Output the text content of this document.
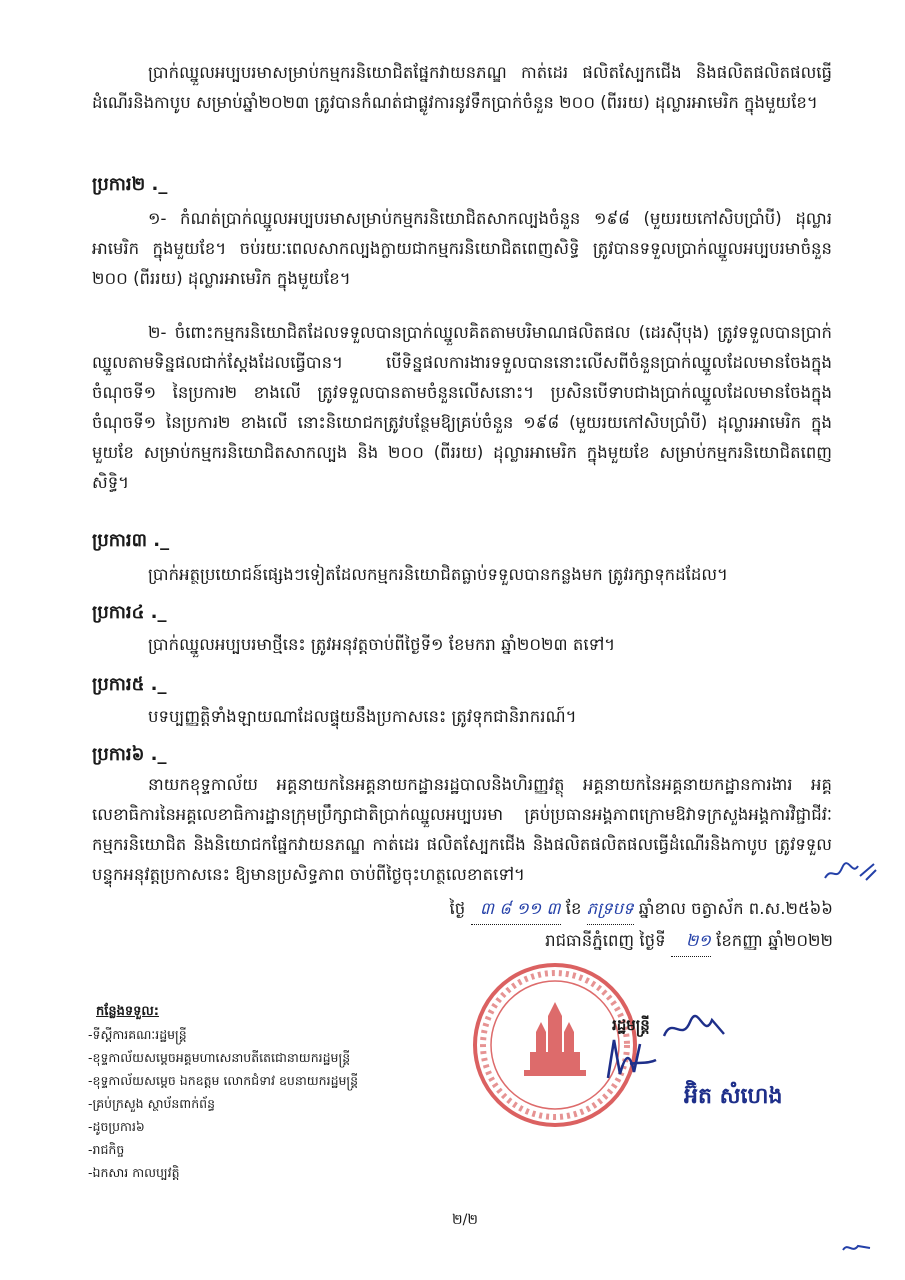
ប្រាក់ឈ្នួលអប្បបរមាសម្រាប់កម្មករនិយោជិតផ្នែកវាយនភណ្ឌ កាត់ដេរ ផលិតស្បែកជើង និងផលិតផលិតផលធ្វើដំណើរនិងកាបូប សម្រាប់ឆ្នាំ២០២៣ ត្រូវបានកំណត់ជាផ្លូវការនូវទឹកប្រាក់ចំនួន ២០០ (ពីររយ) ដុល្លារអាមេរិក ក្នុងមួយខែ។
ប្រការ២ ._
១- កំណត់ប្រាក់ឈ្នួលអប្បបរមាសម្រាប់កម្មករនិយោជិតសាកល្បងចំនួន ១៩៨ (មួយរយកៅសិបប្រាំបី) ដុល្លារអាមេរិក ក្នុងមួយខែ។ ចប់រយៈពេលសាកល្បងក្លាយជាកម្មករនិយោជិតពេញសិទ្ធិ ត្រូវបានទទួលប្រាក់ឈ្នួលអប្បបរមាចំនួន ២០០ (ពីររយ) ដុល្លារអាមេរិក ក្នុងមួយខែ។
២- ចំពោះកម្មករនិយោជិតដែលទទួលបានប្រាក់ឈ្នួលគិតតាមបរិមាណផលិតផល (ដេរស៊ីបុង) ត្រូវទទួលបានប្រាក់ឈ្នួលតាមទិន្នផលជាក់ស្តែងដែលធ្វើបាន។ បើទិន្នផលការងារទទួលបាននោះលើសពីចំនួនប្រាក់ឈ្នួលដែលមានចែងក្នុងចំណុចទី១ នៃប្រការ២ ខាងលើ ត្រូវទទួលបានតាមចំនួនលើសនោះ។ ប្រសិនបើទាបជាងប្រាក់ឈ្នួលដែលមានចែងក្នុងចំណុចទី១ នៃប្រការ២ ខាងលើ នោះនិយោជកត្រូវបន្ថែមឱ្យគ្រប់ចំនួន ១៩៨ (មួយរយកៅសិបប្រាំបី) ដុល្លារអាមេរិក ក្នុងមួយខែ សម្រាប់កម្មករនិយោជិតសាកល្បង និង ២០០ (ពីររយ) ដុល្លារអាមេរិក ក្នុងមួយខែ សម្រាប់កម្មករនិយោជិតពេញសិទ្ធិ។
ប្រការ៣ ._
ប្រាក់អត្ថប្រយោជន៍ផ្សេងៗទៀតដែលកម្មករនិយោជិតធ្លាប់ទទួលបានកន្លងមក ត្រូវរក្សាទុកដដែល។
ប្រការ៤ ._
ប្រាក់ឈ្នួលអប្បបរមាថ្មីនេះ ត្រូវអនុវត្តចាប់ពីថ្ងៃទី១ ខែមករា ឆ្នាំ២០២៣ តទៅ។
ប្រការ៥ ._
បទប្បញ្ញត្តិទាំងឡាយណាដែលផ្ទុយនឹងប្រកាសនេះ ត្រូវទុកជានិរាករណ៍។
ប្រការ៦ ._
នាយកខុទ្ទកាល័យ អគ្គនាយកនៃអគ្គនាយកដ្ឋានរដ្ឋបាលនិងហិរញ្ញវត្ថុ អគ្គនាយកនៃអគ្គនាយកដ្ឋានការងារ អគ្គលេខាធិការនៃអគ្គលេខាធិការដ្ឋានក្រុមប្រឹក្សាជាតិប្រាក់ឈ្នួលអប្បបរមា គ្រប់ប្រធានអង្គភាពក្រោមឱវាទក្រសួងអង្គការវិជ្ជាជីវៈ កម្មករនិយោជិត និងនិយោជកផ្នែកវាយនភណ្ឌ កាត់ដេរ ផលិតស្បែកជើង និងផលិតផលិតផលធ្វើដំណើរនិងកាបូប ត្រូវទទួលបន្ទុកអនុវត្តប្រកាសនេះ ឱ្យមានប្រសិទ្ធភាព ចាប់ពីថ្ងៃចុះហត្ថលេខាតទៅ។
ថ្ងៃ ៣ ៨ ១១ ៣ ខែ ភទ្របទ ឆ្នាំខាល ចត្វាស័ក ព.ស.២៥៦៦
រាជធានីភ្នំពេញ ថ្ងៃទី ២១ ខែកញ្ញា ឆ្នាំ២០២២
រដ្ឋមន្ត្រី
អ៊ិត សំហេង
កន្លែងទទួល:
-ទីស្តីការគណៈរដ្ឋមន្ត្រី
-ខុទ្ទកាល័យសម្តេចអគ្គមហាសេនាបតីតេជោនាយករដ្ឋមន្ត្រី
-ខុទ្ទកាល័យសម្តេច ឯកឧត្តម លោកជំទាវ ឧបនាយករដ្ឋមន្ត្រី
-គ្រប់ក្រសួង ស្ថាប័នពាក់ព័ន្ធ
-ដូចប្រការ៦
-រាជកិច្ច
-ឯកសារ កាលប្បវត្តិ
២/២
